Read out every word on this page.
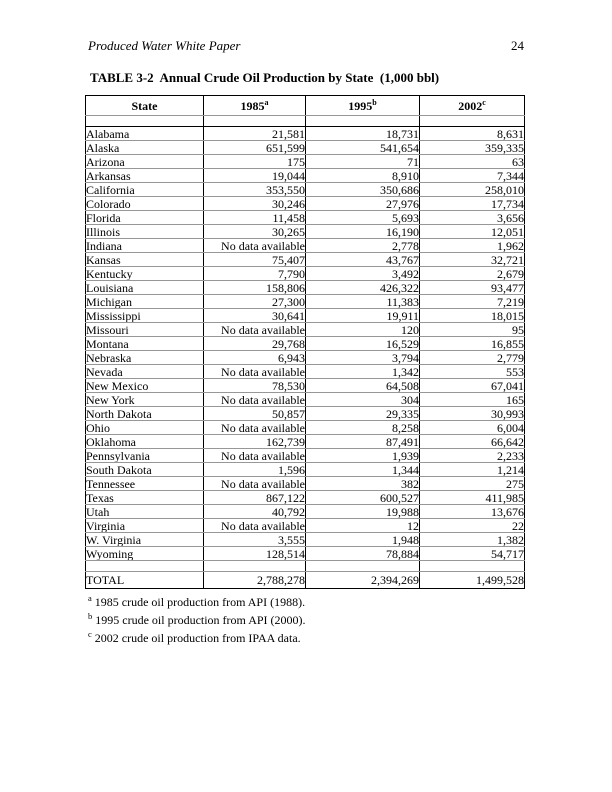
Produced Water White Paper	24
TABLE 3-2  Annual Crude Oil Production by State  (1,000 bbl)
State	1985$^a$	1995$^b$	2002$^c$

Alabama	21,581	18,731	8,631
Alaska	651,599	541,654	359,335
Arizona	175	71	63
Arkansas	19,044	8,910	7,344
California	353,550	350,686	258,010
Colorado	30,246	27,976	17,734
Florida	11,458	5,693	3,656
Illinois	30,265	16,190	12,051
Indiana	No data available	2,778	1,962
Kansas	75,407	43,767	32,721
Kentucky	7,790	3,492	2,679
Louisiana	158,806	426,322	93,477
Michigan	27,300	11,383	7,219
Mississippi	30,641	19,911	18,015
Missouri	No data available	120	95
Montana	29,768	16,529	16,855
Nebraska	6,943	3,794	2,779
Nevada	No data available	1,342	553
New Mexico	78,530	64,508	67,041
New York	No data available	304	165
North Dakota	50,857	29,335	30,993
Ohio	No data available	8,258	6,004
Oklahoma	162,739	87,491	66,642
Pennsylvania	No data available	1,939	2,233
South Dakota	1,596	1,344	1,214
Tennessee	No data available	382	275
Texas	867,122	600,527	411,985
Utah	40,792	19,988	13,676
Virginia	No data available	12	22
W. Virginia	3,555	1,948	1,382
Wyoming	128,514	78,884	54,717

TOTAL	2,788,278	2,394,269	1,499,528
$^a$ 1985 crude oil production from API (1988).
$^b$ 1995 crude oil production from API (2000).
$^c$ 2002 crude oil production from IPAA data.
